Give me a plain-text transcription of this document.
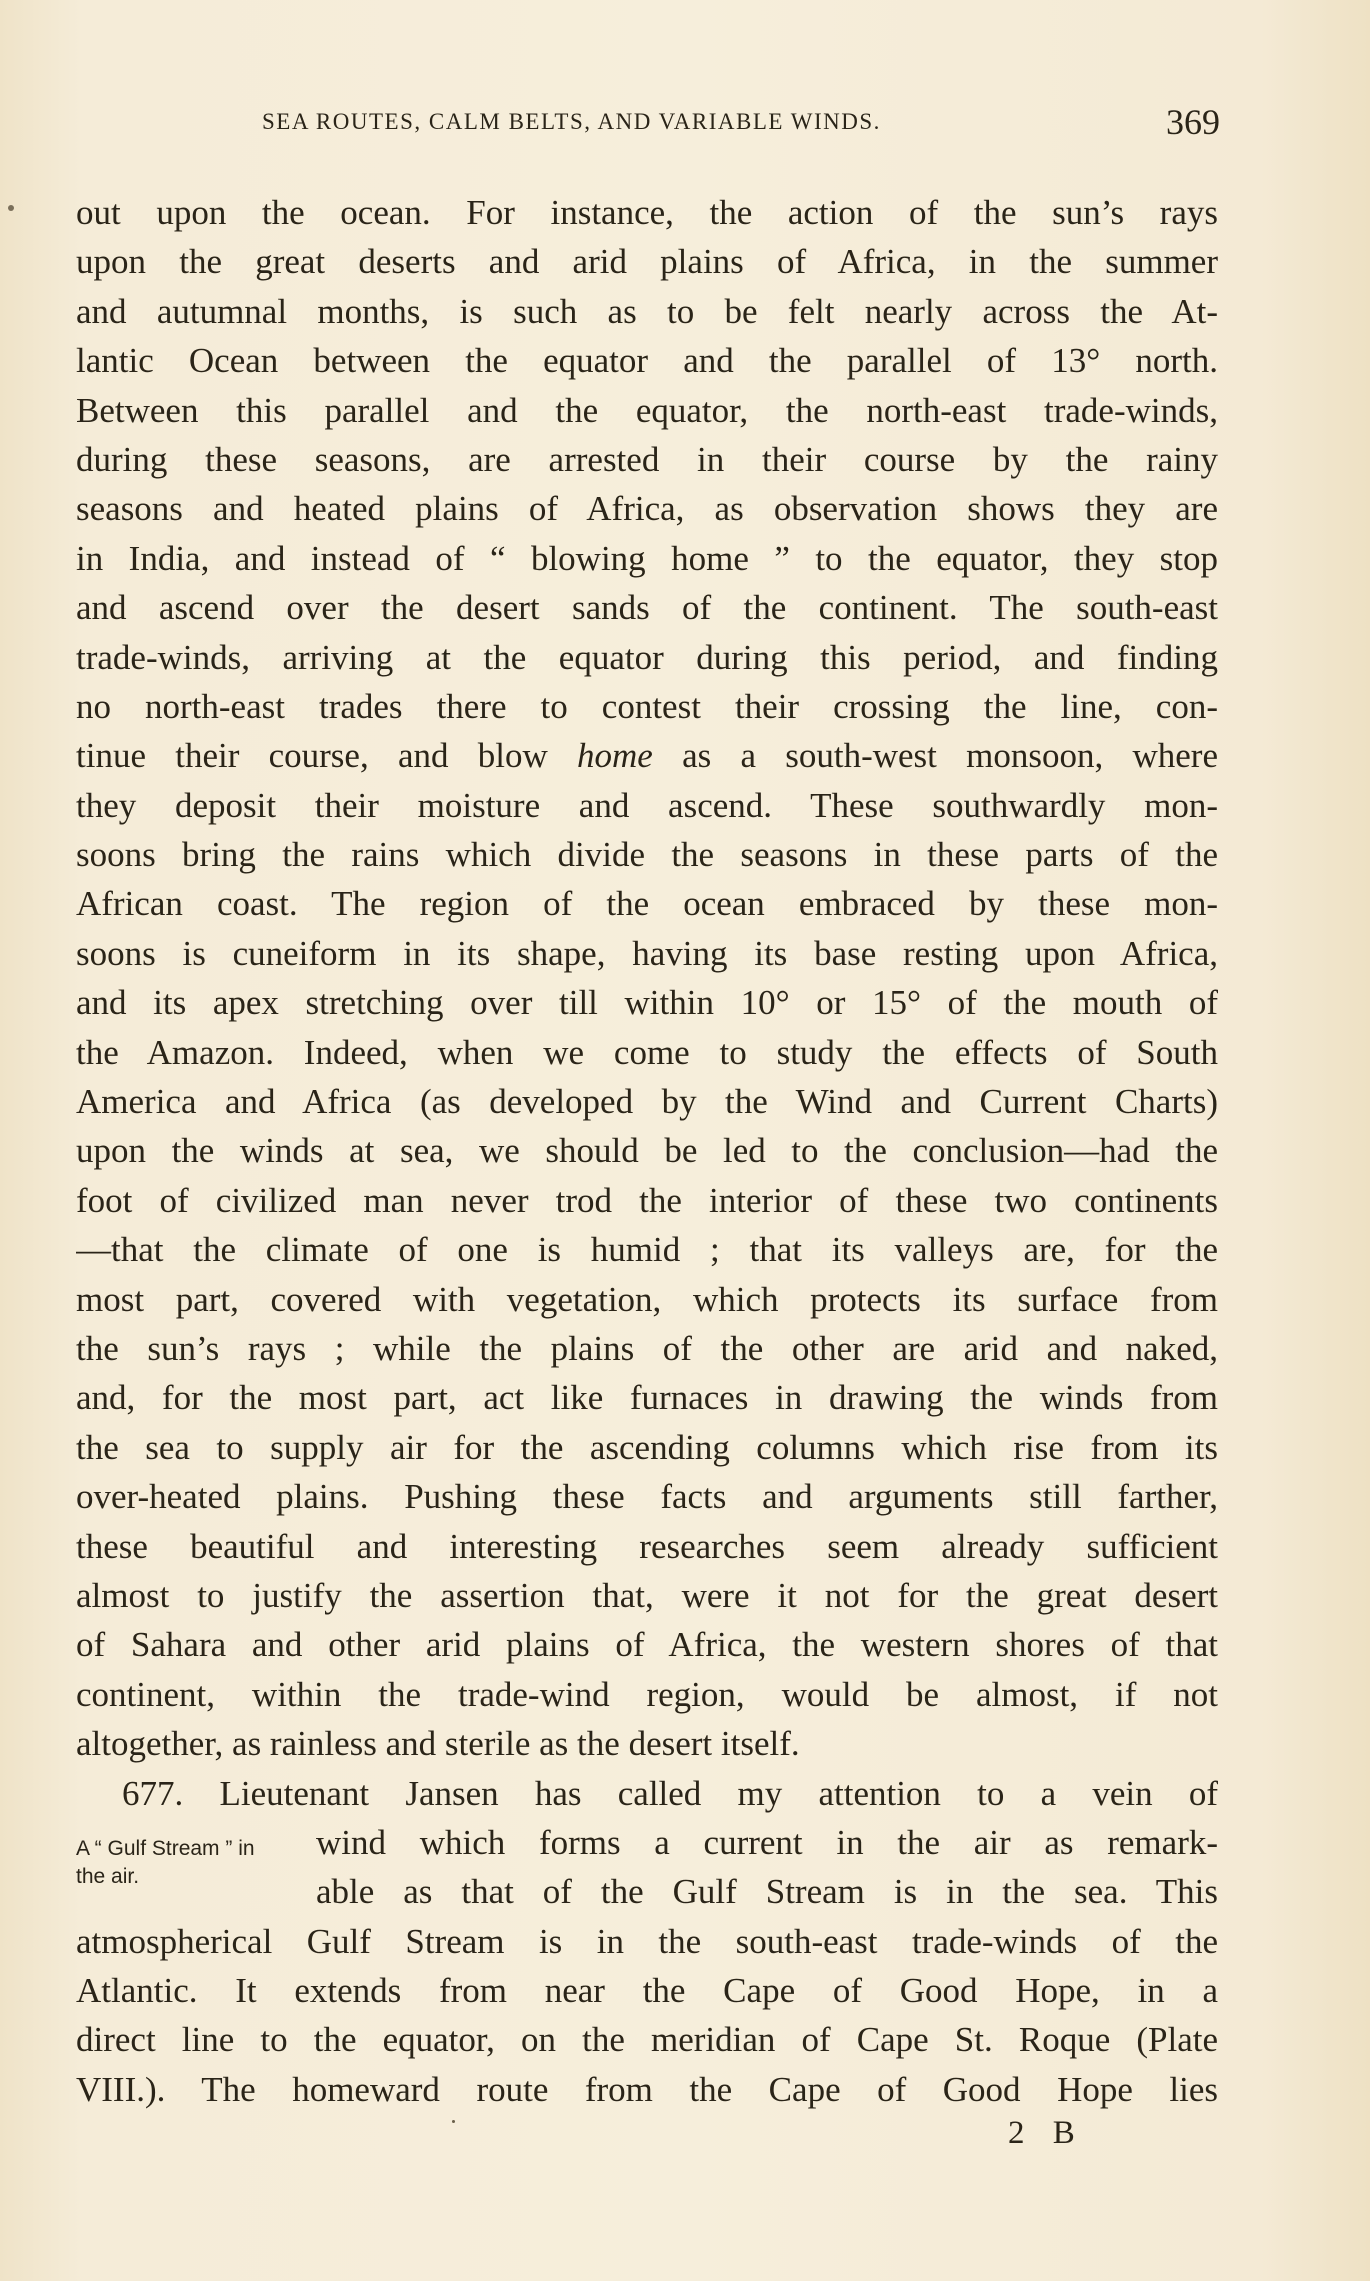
SEA ROUTES, CALM BELTS, AND VARIABLE WINDS.	369
out upon the ocean. For instance, the action of the sun’s rays
upon the great deserts and arid plains of Africa, in the summer
and autumnal months, is such as to be felt nearly across the At-
lantic Ocean between the equator and the parallel of 13° north.
Between this parallel and the equator, the north-east trade-winds,
during these seasons, are arrested in their course by the rainy
seasons and heated plains of Africa, as observation shows they are
in India, and instead of “ blowing home ” to the equator, they stop
and ascend over the desert sands of the continent. The south-east
trade-winds, arriving at the equator during this period, and finding
no north-east trades there to contest their crossing the line, con-
tinue their course, and blow home as a south-west monsoon, where
they deposit their moisture and ascend. These southwardly mon-
soons bring the rains which divide the seasons in these parts of the
African coast. The region of the ocean embraced by these mon-
soons is cuneiform in its shape, having its base resting upon Africa,
and its apex stretching over till within 10° or 15° of the mouth of
the Amazon. Indeed, when we come to study the effects of South
America and Africa (as developed by the Wind and Current Charts)
upon the winds at sea, we should be led to the conclusion—had the
foot of civilized man never trod the interior of these two continents
—that the climate of one is humid ; that its valleys are, for the
most part, covered with vegetation, which protects its surface from
the sun’s rays ; while the plains of the other are arid and naked,
and, for the most part, act like furnaces in drawing the winds from
the sea to supply air for the ascending columns which rise from its
over-heated plains. Pushing these facts and arguments still farther,
these beautiful and interesting researches seem already sufficient
almost to justify the assertion that, were it not for the great desert
of Sahara and other arid plains of Africa, the western shores of that
continent, within the trade-wind region, would be almost, if not
altogether, as rainless and sterile as the desert itself.
677. Lieutenant Jansen has called my attention to a vein of
wind which forms a current in the air as remark-
able as that of the Gulf Stream is in the sea. This
atmospherical Gulf Stream is in the south-east trade-winds of the
Atlantic. It extends from near the Cape of Good Hope, in a
direct line to the equator, on the meridian of Cape St. Roque (Plate
VIII.). The homeward route from the Cape of Good Hope lies
A “ Gulf Stream ” in
the air.
2 B
